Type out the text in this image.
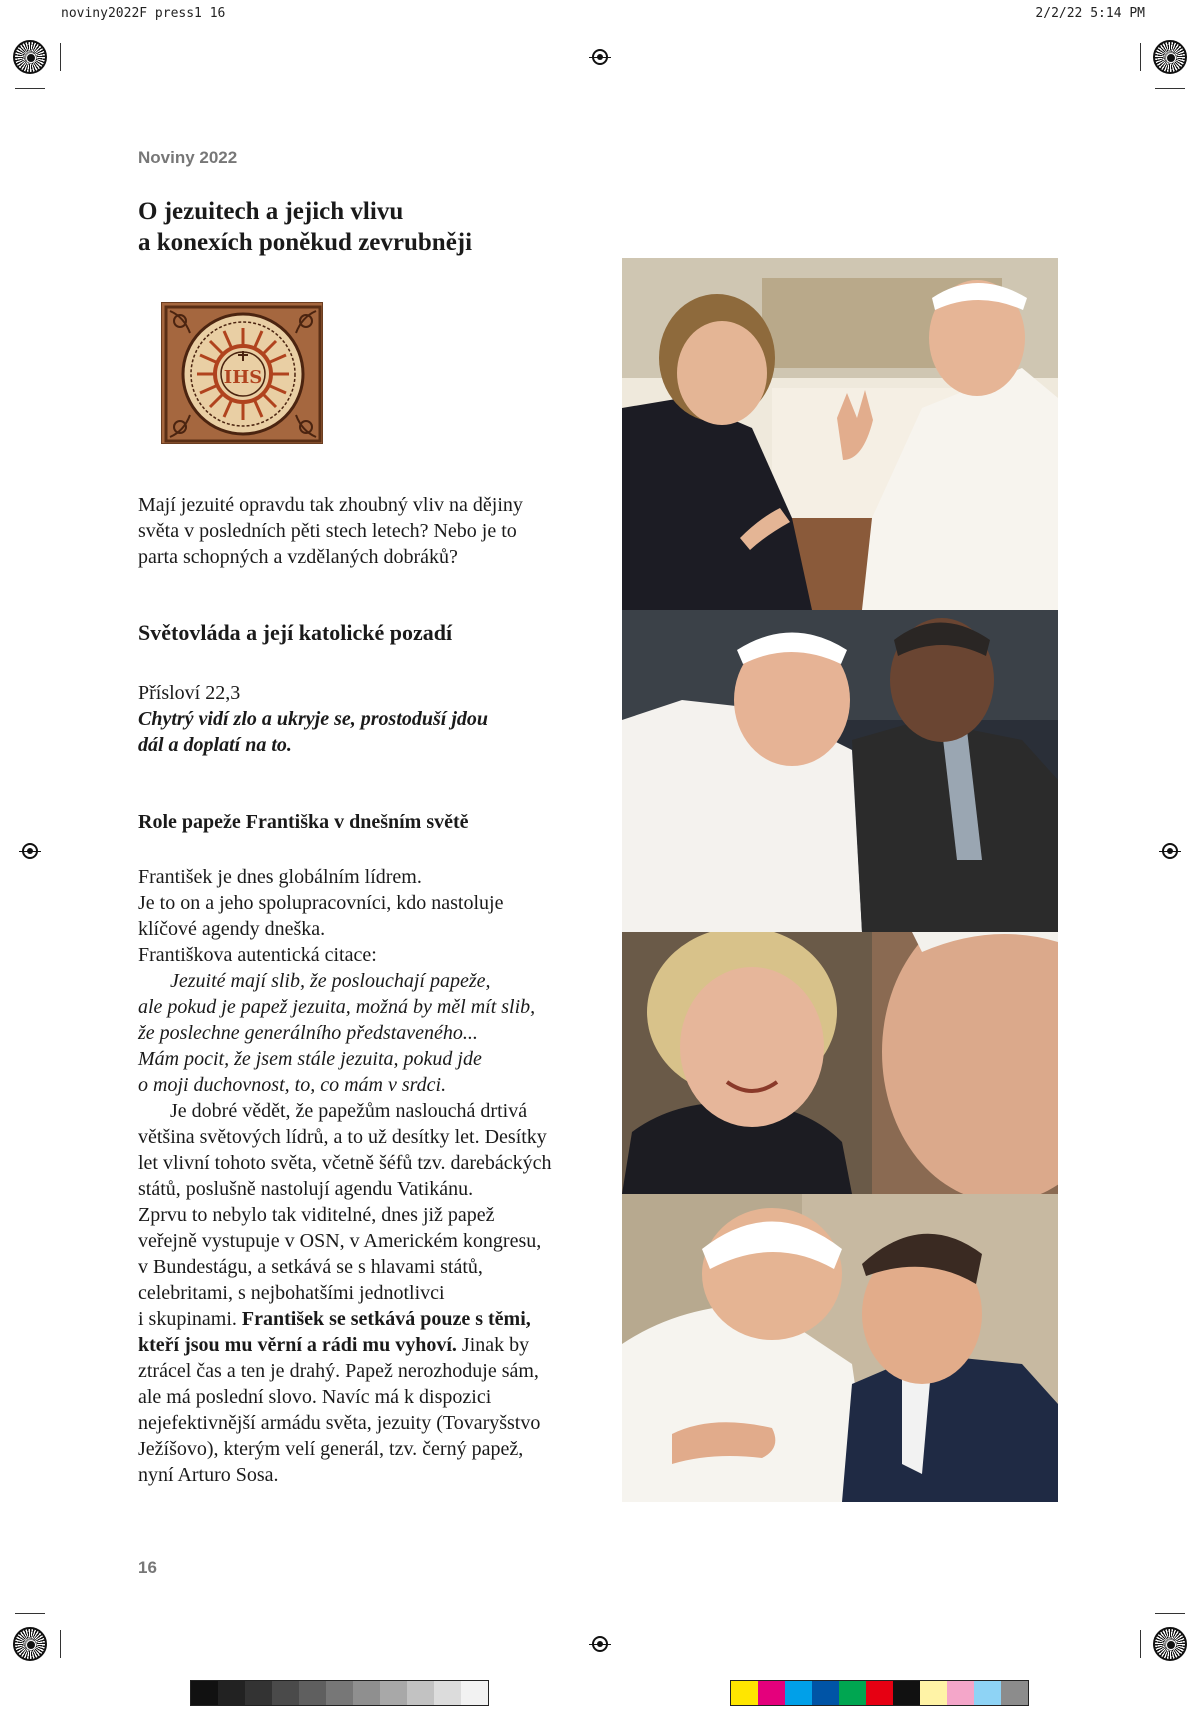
noviny2022F press1 16	2/2/22 5:14 PM
Noviny 2022
O jezuitech a jejich vlivu
a konexích poněkud zevrubněji
IHS
Mají jezuité opravdu tak zhoubný vliv na dějiny
světa v posledních pěti stech letech? Nebo je to
parta schopných a vzdělaných dobráků?
Světovláda a její katolické pozadí
Přísloví 22,3
Chytrý vidí zlo a ukryje se, prostoduší jdou
dál a doplatí na to.
Role papeže Františka v dnešním světě
František je dnes globálním lídrem.
Je to on a jeho spolupracovníci, kdo nastoluje
klíčové agendy dneška.
Františkova autentická citace:
Jezuité mají slib, že poslouchají papeže,
ale pokud je papež jezuita, možná by měl mít slib,
že poslechne generálního představeného...
Mám pocit, že jsem stále jezuita, pokud jde
o moji duchovnost, to, co mám v srdci.
Je dobré vědět, že papežům naslouchá drtivá
většina světových lídrů, a to už desítky let. Desítky
let vlivní tohoto světa, včetně šéfů tzv. darebáckých
států, poslušně nastolují agendu Vatikánu.
Zprvu to nebylo tak viditelné, dnes již papež
veřejně vystupuje v OSN, v Americkém kongresu,
v Bundestágu, a setkává se s hlavami států,
celebritami, s nejbohatšími jednotlivci
i skupinami. František se setkává pouze s těmi,
kteří jsou mu věrní a rádi mu vyhoví. Jinak by
ztrácel čas a ten je drahý. Papež nerozhoduje sám,
ale má poslední slovo. Navíc má k dispozici
nejefektivnější armádu světa, jezuity (Tovaryšstvo
Ježíšovo), kterým velí generál, tzv. černý papež,
nyní Arturo Sosa.
16
